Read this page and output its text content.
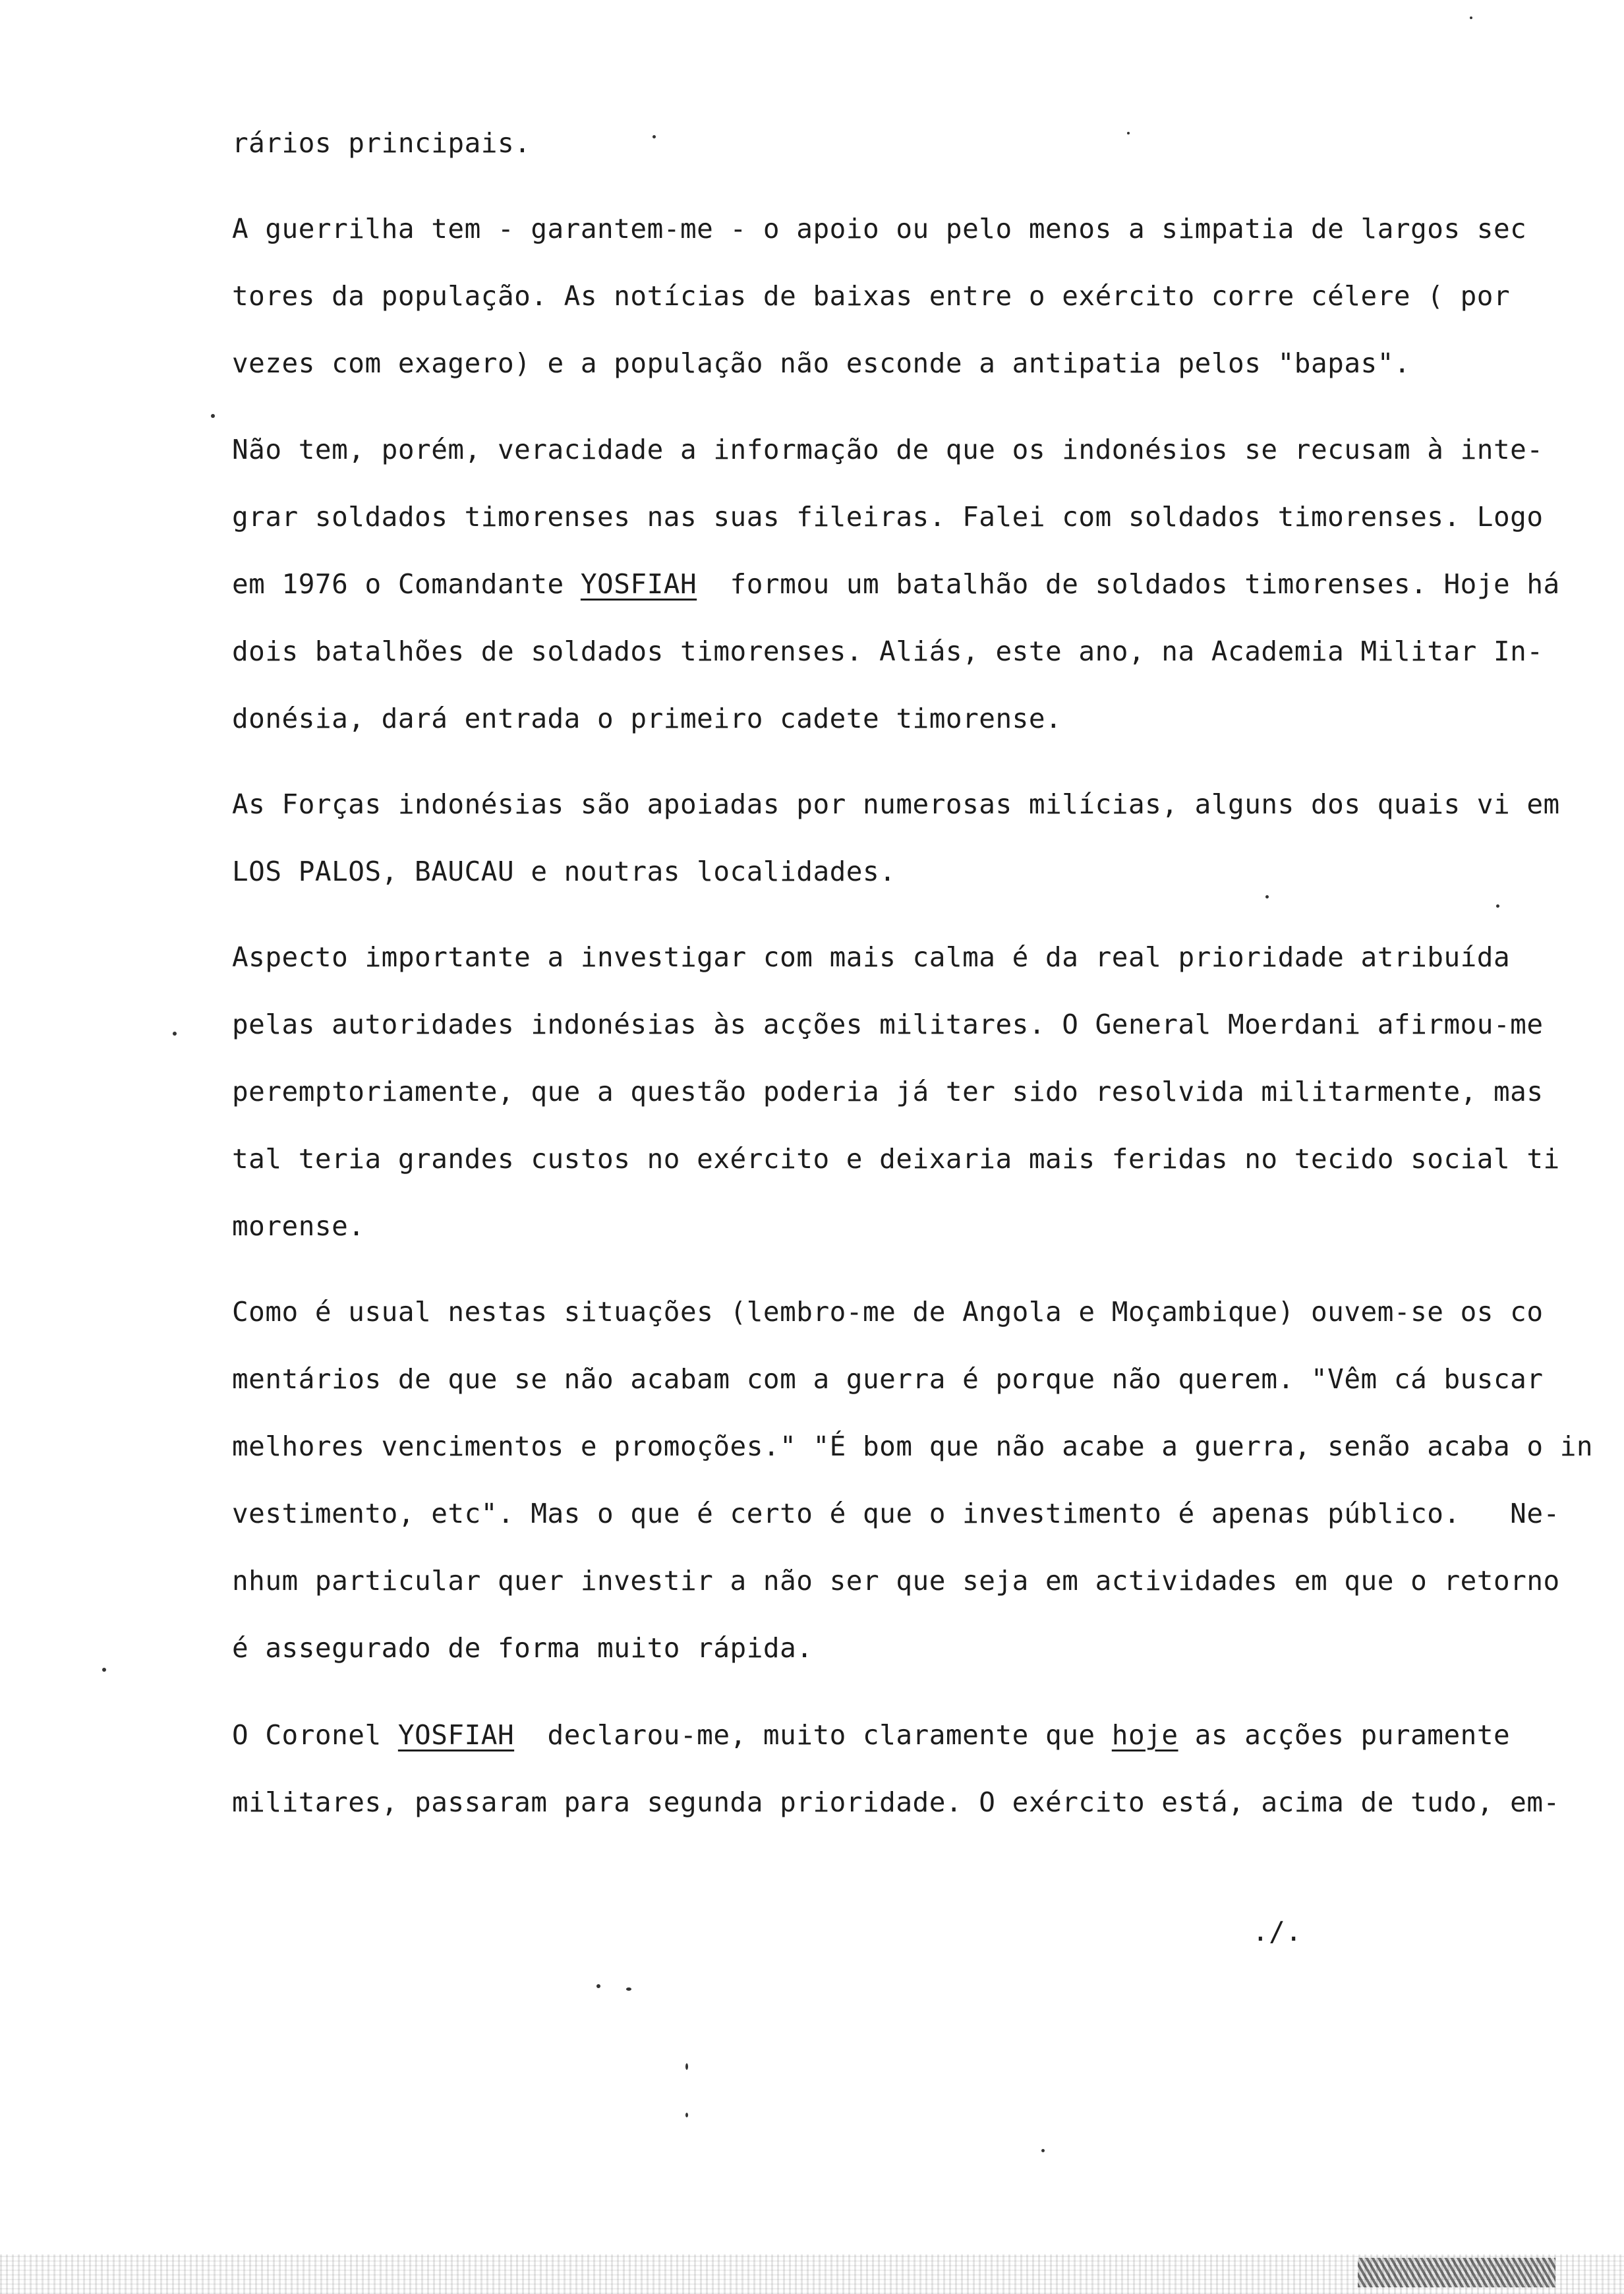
rários principais.
A guerrilha tem - garantem-me - o apoio ou pelo menos a simpatia de largos sec
tores da população. As notícias de baixas entre o exército corre célere ( por
vezes com exagero) e a população não esconde a antipatia pelos "bapas".
Não tem, porém, veracidade a informação de que os indonésios se recusam à inte-
grar soldados timorenses nas suas fileiras. Falei com soldados timorenses. Logo
em 1976 o Comandante YOSFIAH  formou um batalhão de soldados timorenses. Hoje há
dois batalhões de soldados timorenses. Aliás, este ano, na Academia Militar In-
donésia, dará entrada o primeiro cadete timorense.
As Forças indonésias são apoiadas por numerosas milícias, alguns dos quais vi em
LOS PALOS, BAUCAU e noutras localidades.
Aspecto importante a investigar com mais calma é da real prioridade atribuída
pelas autoridades indonésias às acções militares. O General Moerdani afirmou-me
peremptoriamente, que a questão poderia já ter sido resolvida militarmente, mas
tal teria grandes custos no exército e deixaria mais feridas no tecido social ti
morense.
Como é usual nestas situações (lembro-me de Angola e Moçambique) ouvem-se os co
mentários de que se não acabam com a guerra é porque não querem. "Vêm cá buscar
melhores vencimentos e promoções." "É bom que não acabe a guerra, senão acaba o in
vestimento, etc". Mas o que é certo é que o investimento é apenas público.   Ne-
nhum particular quer investir a não ser que seja em actividades em que o retorno
é assegurado de forma muito rápida.
O Coronel YOSFIAH  declarou-me, muito claramente que hoje as acções puramente
militares, passaram para segunda prioridade. O exército está, acima de tudo, em-
./.
